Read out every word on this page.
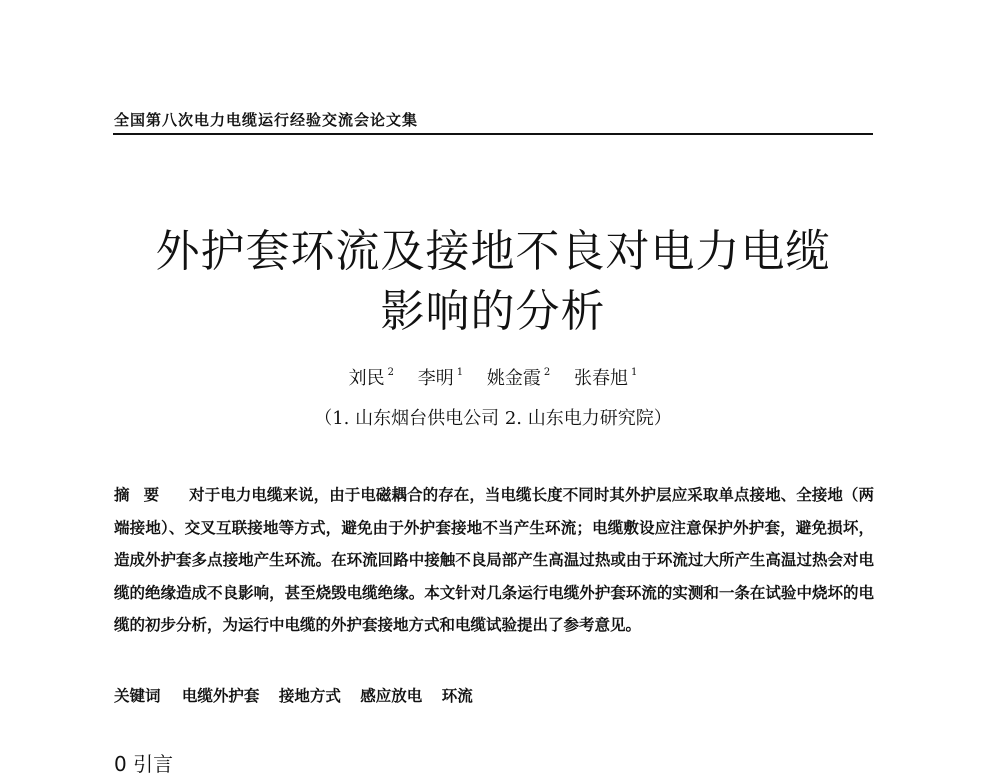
全国第八次电力电缆运行经验交流会论文集
外护套环流及接地不良对电力电缆
影响的分析
刘民 $^2$ 李明 $^1$ 姚金霞 $^2$ 张春旭 $^1$
（1. 山东烟台供电公司 2. 山东电力研究院）
摘要 对于电力电缆来说，由于电磁耦合的存在，当电缆长度不同时其外护层应采取单点接地、全接地（两端接地）、交叉互联接地等方式，避免由于外护套接地不当产生环流；电缆敷设应注意保护外护套，避免损坏，造成外护套多点接地产生环流。在环流回路中接触不良局部产生高温过热或由于环流过大所产生高温过热会对电缆的绝缘造成不良影响，甚至烧毁电缆绝缘。本文针对几条运行电缆外护套环流的实测和一条在试验中烧坏的电缆的初步分析，为运行中电缆的外护套接地方式和电缆试验提出了参考意见。
关键词 电缆外护套 接地方式 感应放电 环流
0 引言
